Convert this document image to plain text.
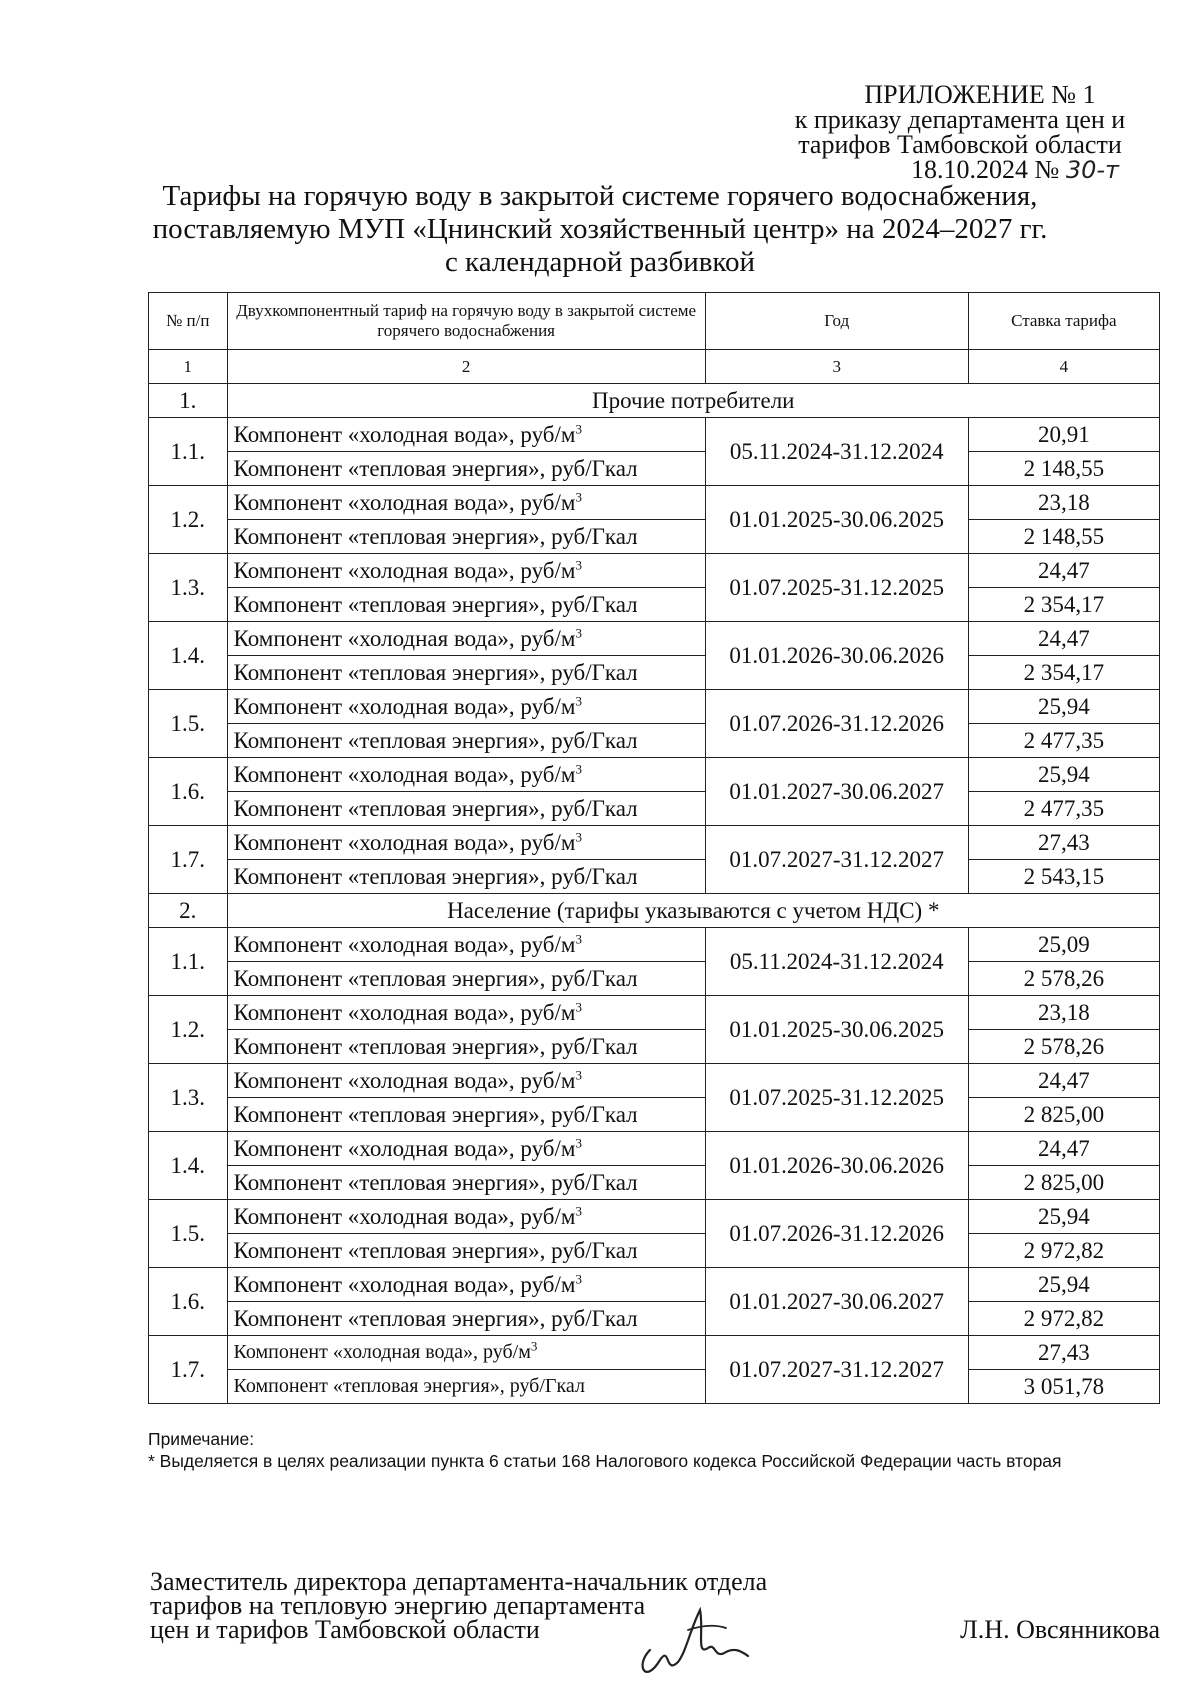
ПРИЛОЖЕНИЕ № 1
к приказу департамента цен и
тарифов Тамбовской области
18.10.2024 № 30-т
Тарифы на горячую воду в закрытой системе горячего водоснабжения,
поставляемую МУП «Цнинский хозяйственный центр» на 2024–2027 гг.
с календарной разбивкой
№ п/п	Двухкомпонентный тариф на горячую воду в закрытой системе горячего водоснабжения	Год	Ставка тарифа
1	2	3	4
1.	Прочие потребители		
1.1.	Компонент «холодная вода», руб/$м^3$	05.11.2024-31.12.2024	20,91
	Компонент «тепловая энергия», руб/Гкал		2 148,55
1.2.	Компонент «холодная вода», руб/$м^3$	01.01.2025-30.06.2025	23,18
	Компонент «тепловая энергия», руб/Гкал		2 148,55
1.3.	Компонент «холодная вода», руб/$м^3$	01.07.2025-31.12.2025	24,47
	Компонент «тепловая энергия», руб/Гкал		2 354,17
1.4.	Компонент «холодная вода», руб/$м^3$	01.01.2026-30.06.2026	24,47
	Компонент «тепловая энергия», руб/Гкал		2 354,17
1.5.	Компонент «холодная вода», руб/$м^3$	01.07.2026-31.12.2026	25,94
	Компонент «тепловая энергия», руб/Гкал		2 477,35
1.6.	Компонент «холодная вода», руб/$м^3$	01.01.2027-30.06.2027	25,94
	Компонент «тепловая энергия», руб/Гкал		2 477,35
1.7.	Компонент «холодная вода», руб/$м^3$	01.07.2027-31.12.2027	27,43
	Компонент «тепловая энергия», руб/Гкал		2 543,15
2.	Население (тарифы указываются с учетом НДС) *		
1.1.	Компонент «холодная вода», руб/$м^3$	05.11.2024-31.12.2024	25,09
	Компонент «тепловая энергия», руб/Гкал		2 578,26
1.2.	Компонент «холодная вода», руб/$м^3$	01.01.2025-30.06.2025	23,18
	Компонент «тепловая энергия», руб/Гкал		2 578,26
1.3.	Компонент «холодная вода», руб/$м^3$	01.07.2025-31.12.2025	24,47
	Компонент «тепловая энергия», руб/Гкал		2 825,00
1.4.	Компонент «холодная вода», руб/$м^3$	01.01.2026-30.06.2026	24,47
	Компонент «тепловая энергия», руб/Гкал		2 825,00
1.5.	Компонент «холодная вода», руб/$м^3$	01.07.2026-31.12.2026	25,94
	Компонент «тепловая энергия», руб/Гкал		2 972,82
1.6.	Компонент «холодная вода», руб/$м^3$	01.01.2027-30.06.2027	25,94
	Компонент «тепловая энергия», руб/Гкал		2 972,82
1.7.	Компонент «холодная вода», руб/$м^3$	01.07.2027-31.12.2027	27,43
	Компонент «тепловая энергия», руб/Гкал		3 051,78
Примечание:
* Выделяется в целях реализации пункта 6 статьи 168 Налогового кодекса Российской Федерации часть вторая
Заместитель директора департамента-начальник отдела
тарифов на тепловую энергию департамента
цен и тарифов Тамбовской области	Л.Н. Овсянникова
